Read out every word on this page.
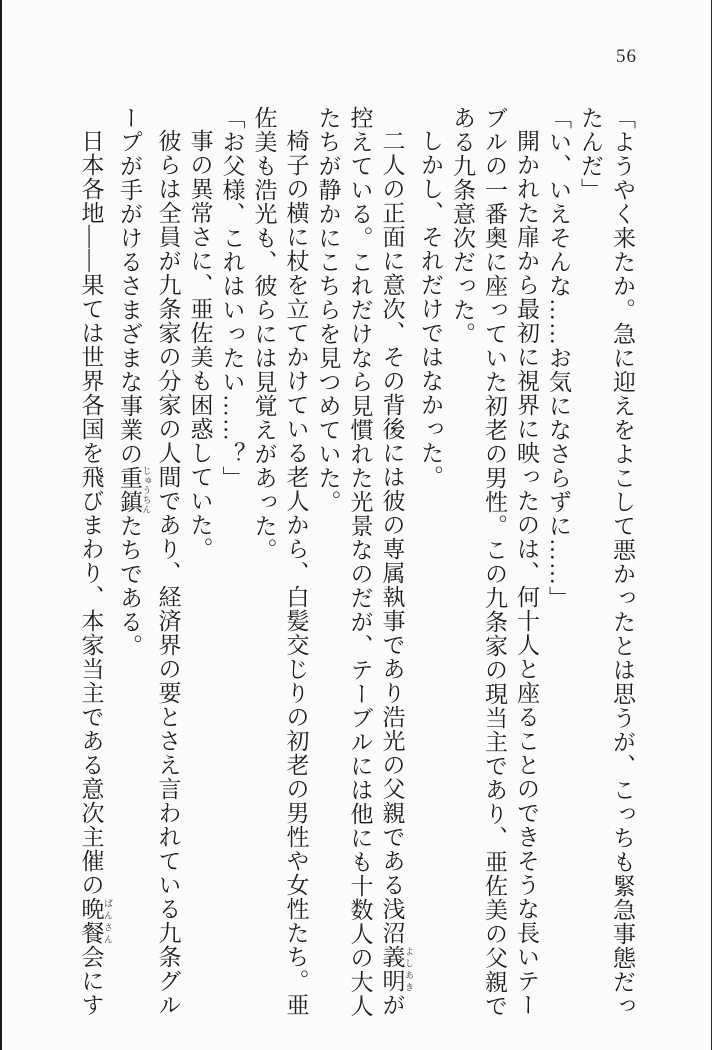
56

「ようやく来たか。急に迎えをよこして悪かったとは思うが、こっちも緊急事態だっ

たんだ」

「い、いえそんな……お気になさらずに……」

開かれた扉から最初に視界に映ったのは、何十人と座ることのできそうな長いテー

ブルの一番奥に座っていた初老の男性。この九条家の現当主であり、亜佐美の父親で

ある九条意次だった。

しかし、それだけではなかった。

二人の正面に意次、その背後には彼の専属執事であり浩光の父親である浅沼義明 よしあきが

控えている。これだけなら見慣れた光景なのだが、テーブルには他にも十数人の大人

たちが静かにこちらを見つめていた。

椅子の横に杖を立てかけている老人から、白髪交じりの初老の男性や女性たち。亜

佐美も浩光も、彼らには見覚えがあった。

「お父様、これはいったい……？」

事の異常さに、亜佐美も困惑していた。

彼らは全員が九条家の分家の人間であり、経済界の要とさえ言われている九条グル

ープが手がけるさまざまな事業の重鎮 じゅうちんたちである。

日本各地――果ては世界各国を飛びまわり、本家当主である意次主催の晩餐 ばんさん会にす
